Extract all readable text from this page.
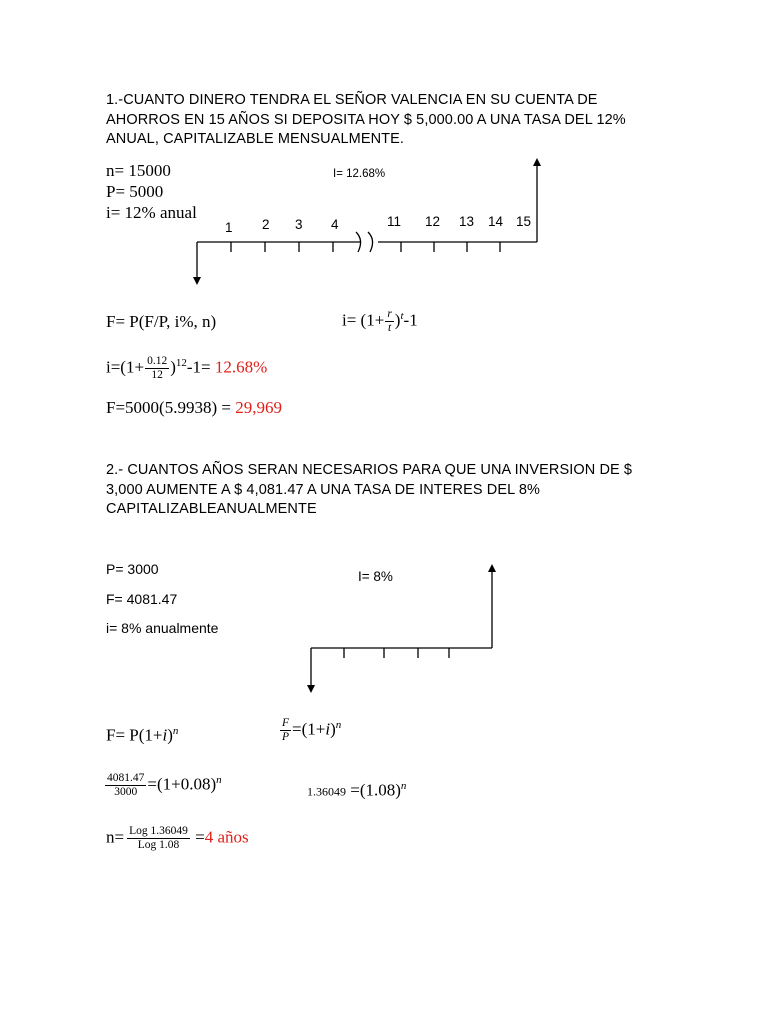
1.-CUANTO DINERO TENDRA EL SEÑOR VALENCIA EN SU CUENTA DE
AHORROS EN 15 AÑOS SI DEPOSITA HOY $ 5,000.00 A UNA TASA DEL 12%
ANUAL, CAPITALIZABLE MENSUALMENTE.
n= 15000
P= 5000
i= 12% anual
I= 12.68%
1 2 3 4	11 12 13 14 15
F= P(F/P, i%, n)	$i= (1+ \frac{r}{t} )^t-1$
$i=(1+ \frac{0.12}{12} )^{12}-1= 12.68\%$
F=5000(5.9938) = 29,969
2.- CUANTOS AÑOS SERAN NECESARIOS PARA QUE UNA INVERSION DE $
3,000 AUMENTE A $ 4,081.47 A UNA TASA DE INTERES DEL 8%
CAPITALIZABLEANUALMENTE
P= 3000
F= 4081.47
i= 8% anualmente
I= 8%
$F= P(1+i)^n$	$\frac{F}{P} =(1+i)^n$
$\frac{4081.47}{3000} =(1+0.08)^n$
$1.36049 =(1.08)^n$
$n= \frac{\text{Log 1.36049}}{\text{Log 1.08}} =4$ años
